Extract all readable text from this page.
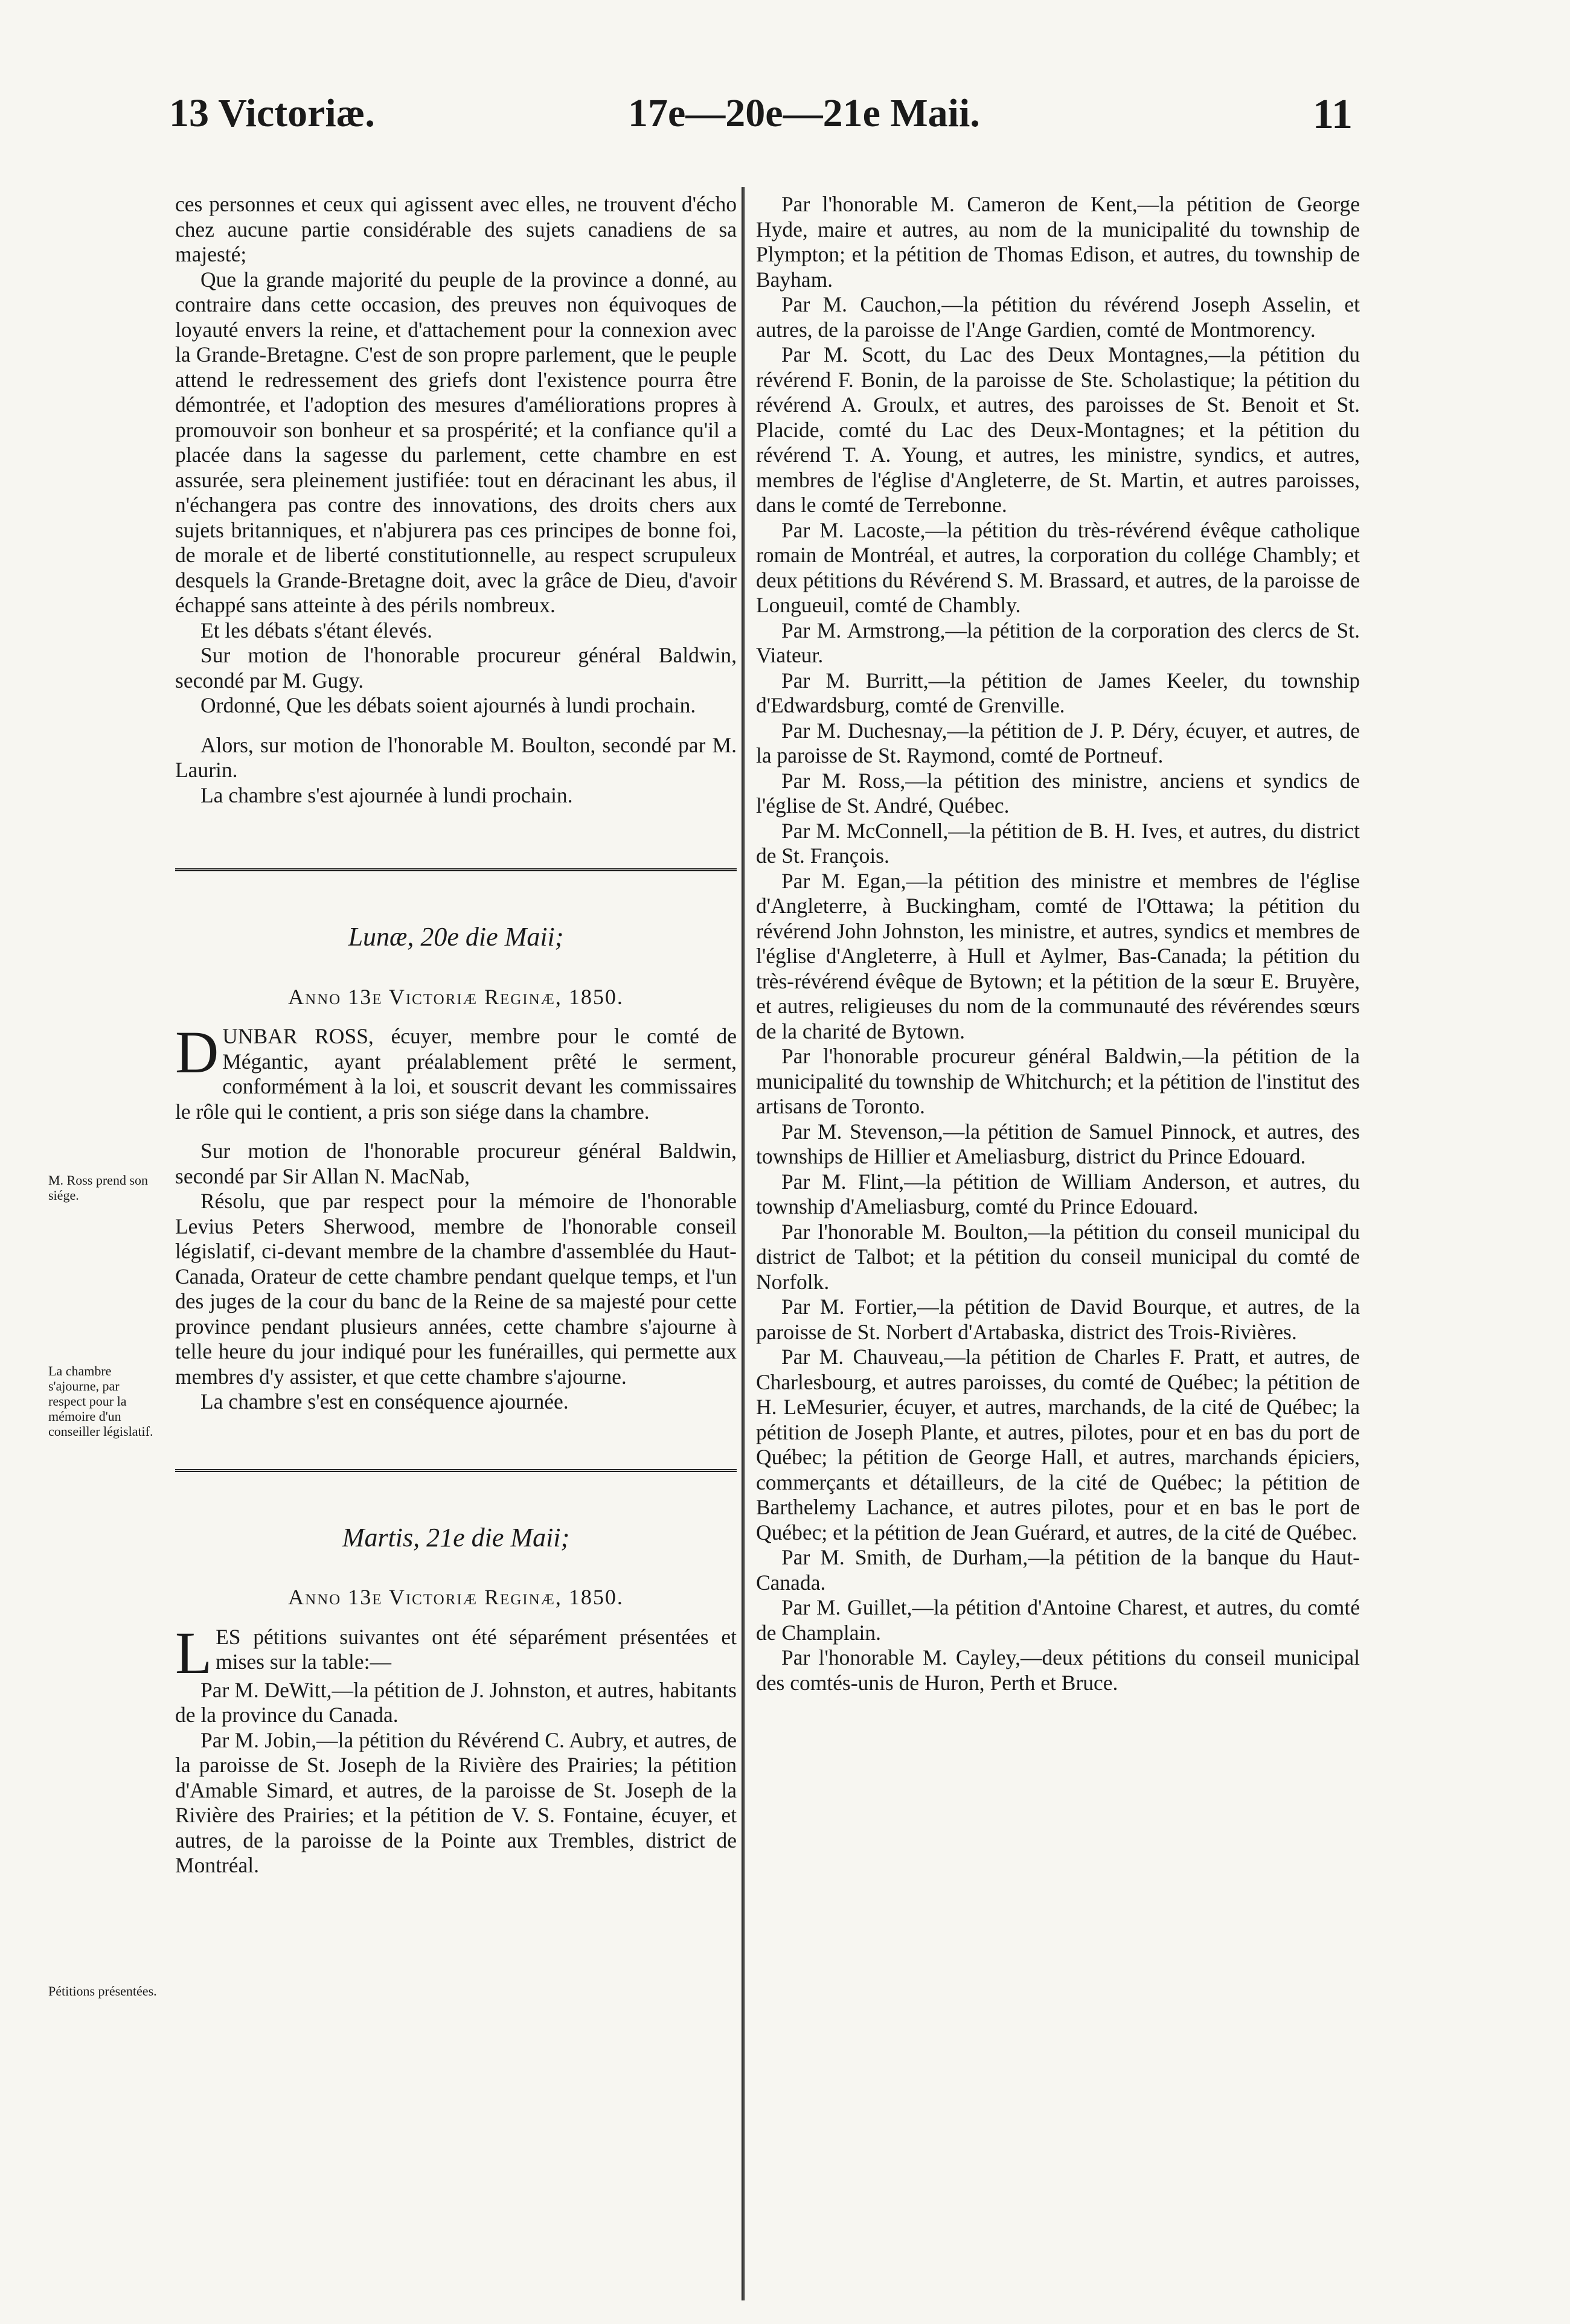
13 Victoriæ.	17e—20e—21e Maii.	11

ces personnes et ceux qui agissent avec elles, ne trouvent d'écho chez aucune partie considérable des sujets canadiens de sa majesté;

Que la grande majorité du peuple de la province a donné, au contraire dans cette occasion, des preuves non équivoques de loyauté envers la reine, et d'attachement pour la connexion avec la Grande-Bretagne. C'est de son propre parlement, que le peuple attend le redressement des griefs dont l'existence pourra être démontrée, et l'adoption des mesures d'améliorations propres à promouvoir son bonheur et sa prospérité; et la confiance qu'il a placée dans la sagesse du parlement, cette chambre en est assurée, sera pleinement justifiée: tout en déracinant les abus, il n'échangera pas contre des innovations, des droits chers aux sujets britanniques, et n'abjurera pas ces principes de bonne foi, de morale et de liberté constitutionnelle, au respect scrupuleux desquels la Grande-Bretagne doit, avec la grâce de Dieu, d'avoir échappé sans atteinte à des périls nombreux.

Et les débats s'étant élevés.

Sur motion de l'honorable procureur général Baldwin, secondé par M. Gugy.

Ordonné, Que les débats soient ajournés à lundi prochain.

Alors, sur motion de l'honorable M. Boulton, secondé par M. Laurin.

La chambre s'est ajournée à lundi prochain.

Lunæ, 20e die Maii;
Anno 13e Victoriæ Reginæ, 1850.

DUNBAR ROSS, écuyer, membre pour le comté de Mégantic, ayant préalablement prêté le serment, conformément à la loi, et souscrit devant les commissaires le rôle qui le contient, a pris son siége dans la chambre.

Sur motion de l'honorable procureur général Baldwin, secondé par Sir Allan N. MacNab,

Résolu, que par respect pour la mémoire de l'honorable Levius Peters Sherwood, membre de l'honorable conseil législatif, ci-devant membre de la chambre d'assemblée du Haut-Canada, Orateur de cette chambre pendant quelque temps, et l'un des juges de la cour du banc de la Reine de sa majesté pour cette province pendant plusieurs années, cette chambre s'ajourne à telle heure du jour indiqué pour les funérailles, qui permette aux membres d'y assister, et que cette chambre s'ajourne.

La chambre s'est en conséquence ajournée.

Martis, 21e die Maii;
Anno 13e Victoriæ Reginæ, 1850.

LES pétitions suivantes ont été séparément présentées et mises sur la table:—

Par M. DeWitt,—la pétition de J. Johnston, et autres, habitants de la province du Canada.

Par M. Jobin,—la pétition du Révérend C. Aubry, et autres, de la paroisse de St. Joseph de la Rivière des Prairies; la pétition d'Amable Simard, et autres, de la paroisse de St. Joseph de la Rivière des Prairies; et la pétition de V. S. Fontaine, écuyer, et autres, de la paroisse de la Pointe aux Trembles, district de Montréal.

M. Ross prend son siége.
La chambre s'ajourne, par respect pour la mémoire d'un conseiller législatif.
Pétitions présentées.

Par l'honorable M. Cameron de Kent,—la pétition de George Hyde, maire et autres, au nom de la municipalité du township de Plympton; et la pétition de Thomas Edison, et autres, du township de Bayham.

Par M. Cauchon,—la pétition du révérend Joseph Asselin, et autres, de la paroisse de l'Ange Gardien, comté de Montmorency.

Par M. Scott, du Lac des Deux Montagnes,—la pétition du révérend F. Bonin, de la paroisse de Ste. Scholastique; la pétition du révérend A. Groulx, et autres, des paroisses de St. Benoit et St. Placide, comté du Lac des Deux-Montagnes; et la pétition du révérend T. A. Young, et autres, les ministre, syndics, et autres, membres de l'église d'Angleterre, de St. Martin, et autres paroisses, dans le comté de Terrebonne.

Par M. Lacoste,—la pétition du très-révérend évêque catholique romain de Montréal, et autres, la corporation du collége Chambly; et deux pétitions du Révérend S. M. Brassard, et autres, de la paroisse de Longueuil, comté de Chambly.

Par M. Armstrong,—la pétition de la corporation des clercs de St. Viateur.

Par M. Burritt,—la pétition de James Keeler, du township d'Edwardsburg, comté de Grenville.

Par M. Duchesnay,—la pétition de J. P. Déry, écuyer, et autres, de la paroisse de St. Raymond, comté de Portneuf.

Par M. Ross,—la pétition des ministre, anciens et syndics de l'église de St. André, Québec.

Par M. McConnell,—la pétition de B. H. Ives, et autres, du district de St. François.

Par M. Egan,—la pétition des ministre et membres de l'église d'Angleterre, à Buckingham, comté de l'Ottawa; la pétition du révérend John Johnston, les ministre, et autres, syndics et membres de l'église d'Angleterre, à Hull et Aylmer, Bas-Canada; la pétition du très-révérend évêque de Bytown; et la pétition de la sœur E. Bruyère, et autres, religieuses du nom de la communauté des révérendes sœurs de la charité de Bytown.

Par l'honorable procureur général Baldwin,—la pétition de la municipalité du township de Whitchurch; et la pétition de l'institut des artisans de Toronto.

Par M. Stevenson,—la pétition de Samuel Pinnock, et autres, des townships de Hillier et Ameliasburg, district du Prince Edouard.

Par M. Flint,—la pétition de William Anderson, et autres, du township d'Ameliasburg, comté du Prince Edouard.

Par l'honorable M. Boulton,—la pétition du conseil municipal du district de Talbot; et la pétition du conseil municipal du comté de Norfolk.

Par M. Fortier,—la pétition de David Bourque, et autres, de la paroisse de St. Norbert d'Artabaska, district des Trois-Rivières.

Par M. Chauveau,—la pétition de Charles F. Pratt, et autres, de Charlesbourg, et autres paroisses, du comté de Québec; la pétition de H. LeMesurier, écuyer, et autres, marchands, de la cité de Québec; la pétition de Joseph Plante, et autres, pilotes, pour et en bas du port de Québec; la pétition de George Hall, et autres, marchands épiciers, commerçants et détailleurs, de la cité de Québec; la pétition de Barthelemy Lachance, et autres pilotes, pour et en bas le port de Québec; et la pétition de Jean Guérard, et autres, de la cité de Québec.

Par M. Smith, de Durham,—la pétition de la banque du Haut-Canada.

Par M. Guillet,—la pétition d'Antoine Charest, et autres, du comté de Champlain.

Par l'honorable M. Cayley,—deux pétitions du conseil municipal des comtés-unis de Huron, Perth et Bruce.
